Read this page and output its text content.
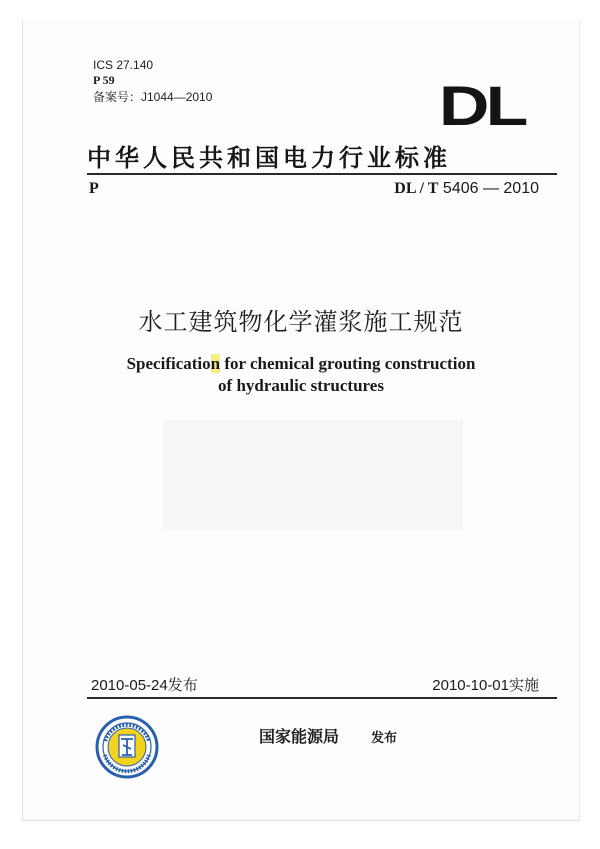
ICS 27.140
P 59
备案号：J1044—2010	DL
中华人民共和国电力行业标准
P	DL / T 5406 — 2010
水工建筑物化学灌浆施工规范
Specification for chemical grouting construction
of hydraulic structures
2010-05-24发布	2010-10-01实施
国家能源局 发布
